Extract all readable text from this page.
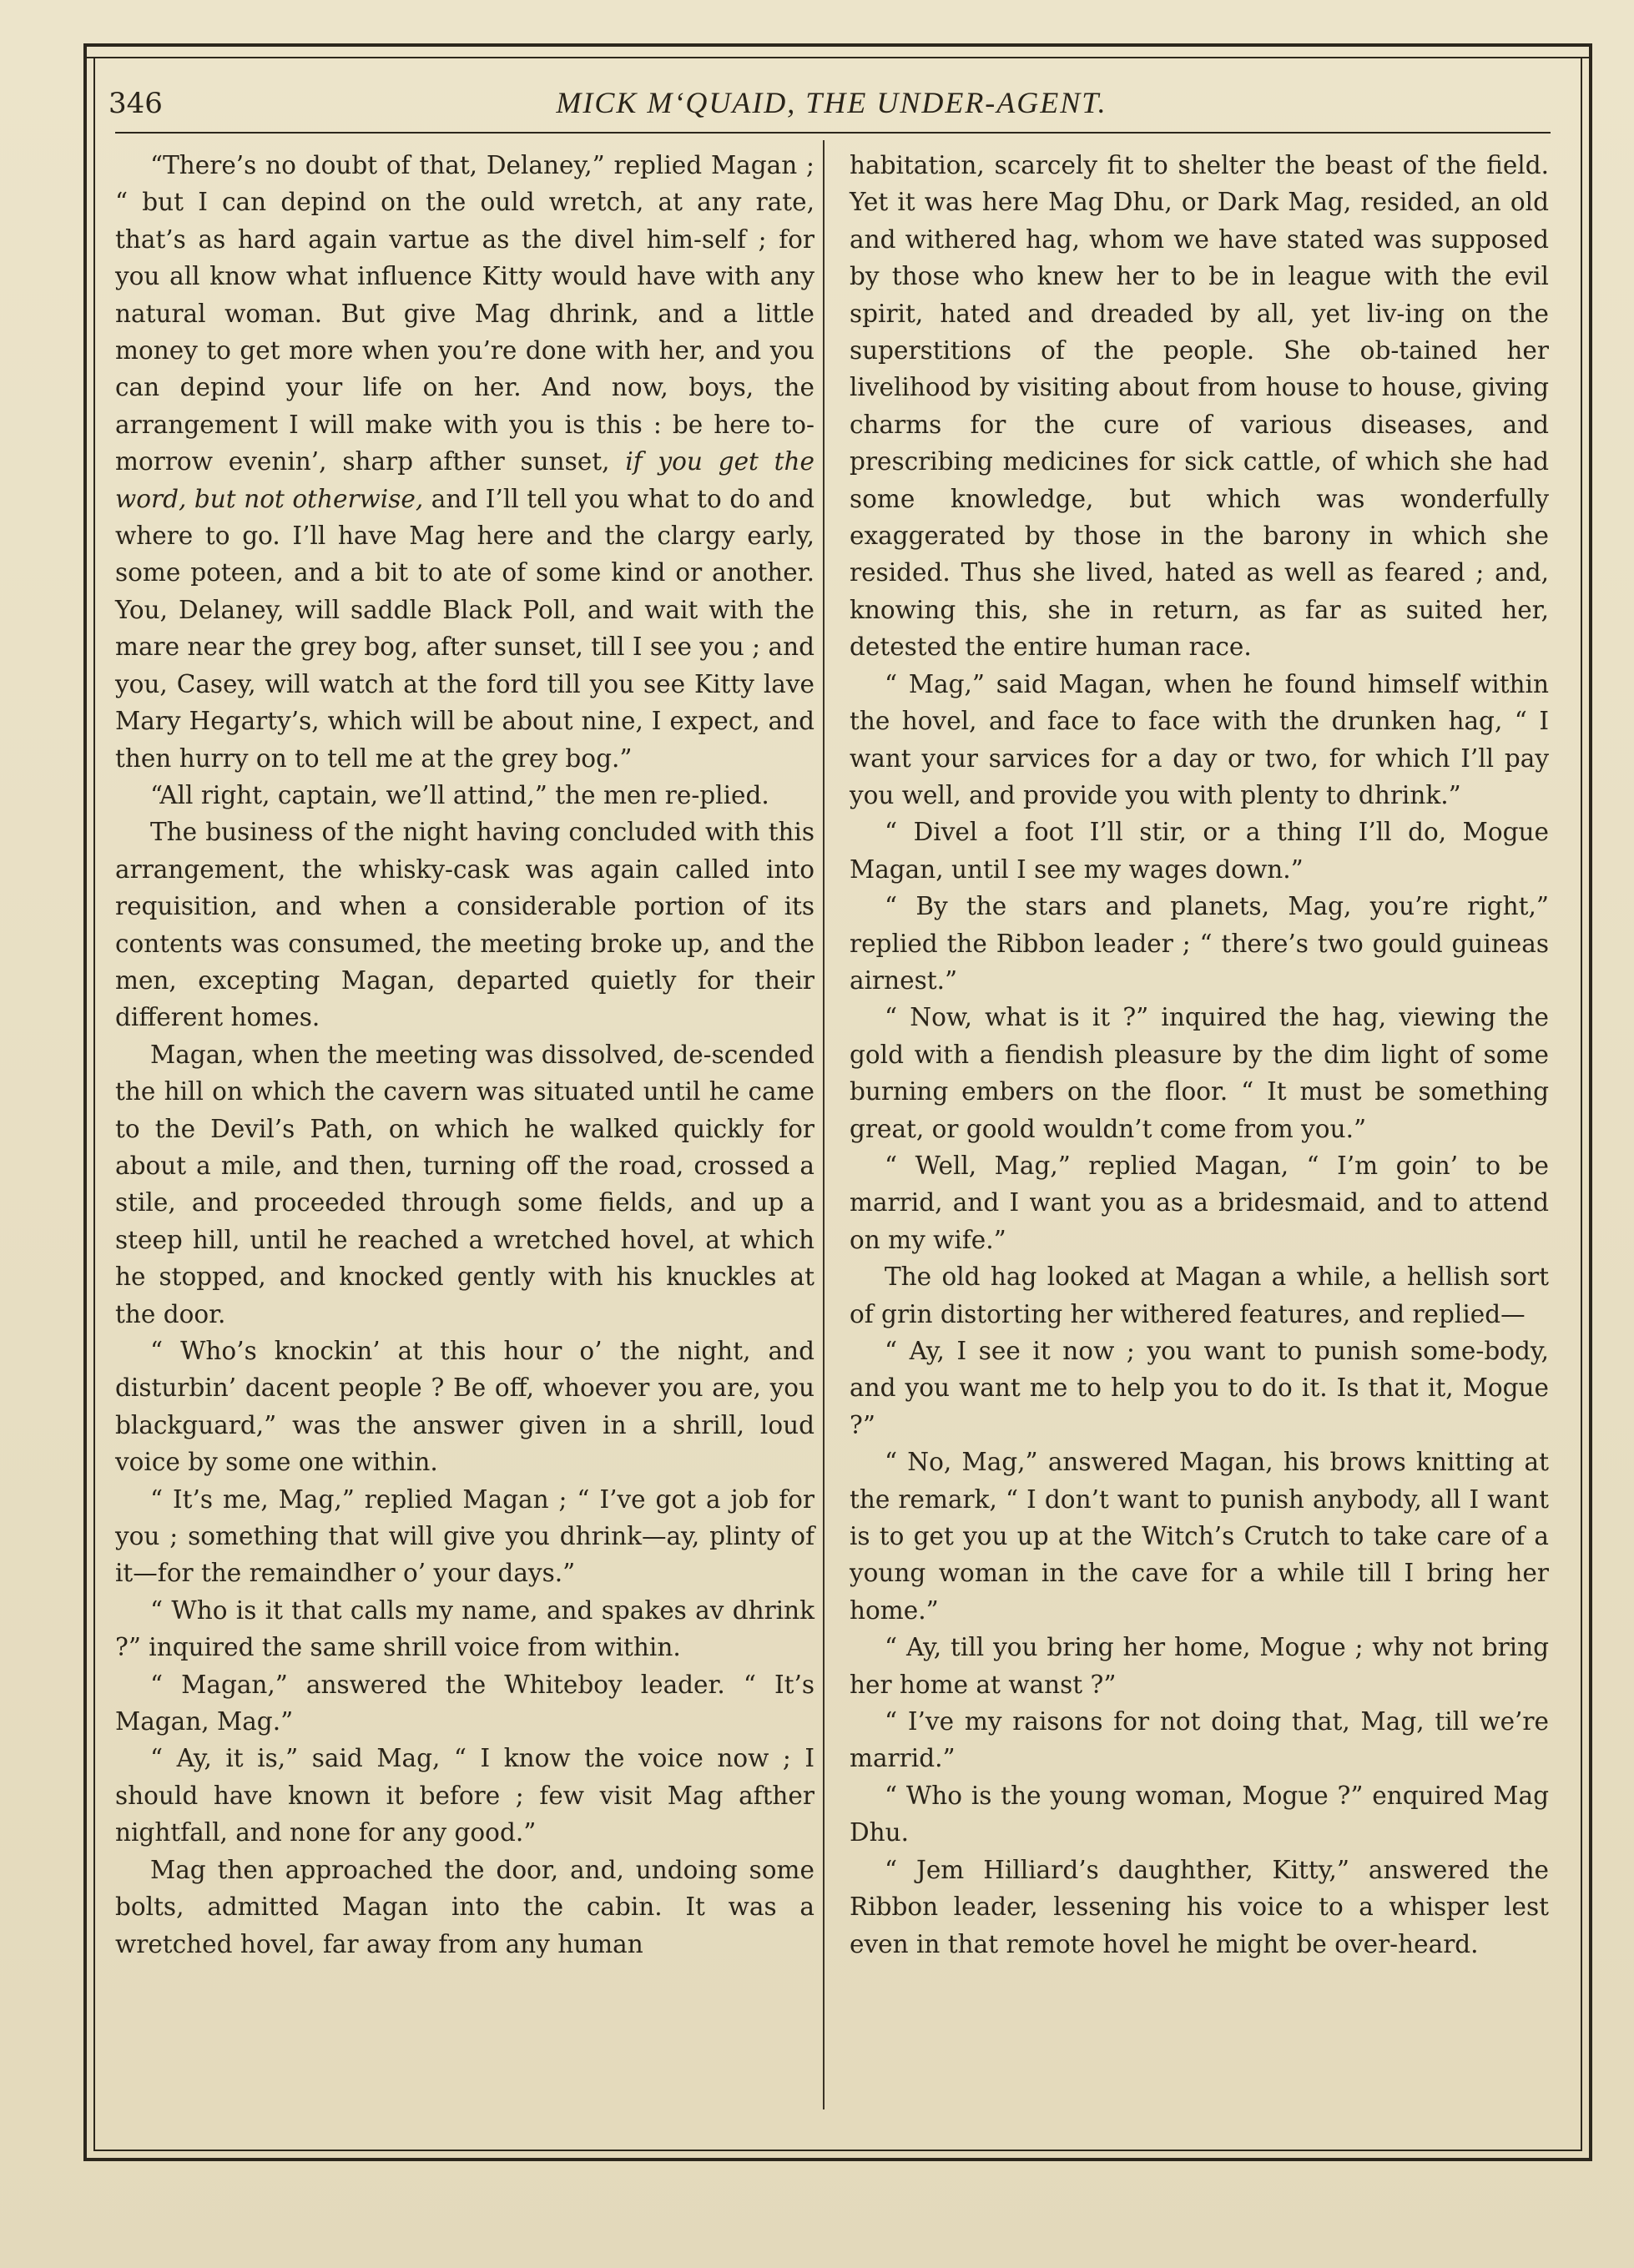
346	MICK M‘QUAID, THE UNDER-AGENT.

“There’s no doubt of that, Delaney,” replied Magan ; “ but I can depind on the ould wretch, at any rate, that’s as hard again vartue as the divel him-self ; for you all know what influence Kitty would have with any natural woman. But give Mag dhrink, and a little money to get more when you’re done with her, and you can depind your life on her. And now, boys, the arrangement I will make with you is this : be here to-morrow evenin’, sharp afther sunset, if you get the word, but not otherwise, and I’ll tell you what to do and where to go. I’ll have Mag here and the clargy early, some poteen, and a bit to ate of some kind or another. You, Delaney, will saddle Black Poll, and wait with the mare near the grey bog, after sunset, till I see you ; and you, Casey, will watch at the ford till you see Kitty lave Mary Hegarty’s, which will be about nine, I expect, and then hurry on to tell me at the grey bog.”

“All right, captain, we’ll attind,” the men re-plied.

The business of the night having concluded with this arrangement, the whisky-cask was again called into requisition, and when a considerable portion of its contents was consumed, the meeting broke up, and the men, excepting Magan, departed quietly for their different homes.

Magan, when the meeting was dissolved, de-scended the hill on which the cavern was situated until he came to the Devil’s Path, on which he walked quickly for about a mile, and then, turning off the road, crossed a stile, and proceeded through some fields, and up a steep hill, until he reached a wretched hovel, at which he stopped, and knocked gently with his knuckles at the door.

“ Who’s knockin’ at this hour o’ the night, and disturbin’ dacent people ? Be off, whoever you are, you blackguard,” was the answer given in a shrill, loud voice by some one within.

“ It’s me, Mag,” replied Magan ; “ I’ve got a job for you ; something that will give you dhrink—ay, plinty of it—for the remaindher o’ your days.”

“ Who is it that calls my name, and spakes av dhrink ?” inquired the same shrill voice from within.

“ Magan,” answered the Whiteboy leader. “ It’s Magan, Mag.”

“ Ay, it is,” said Mag, “ I know the voice now ; I should have known it before ; few visit Mag afther nightfall, and none for any good.”

Mag then approached the door, and, undoing some bolts, admitted Magan into the cabin. It was a wretched hovel, far away from any human

habitation, scarcely fit to shelter the beast of the field. Yet it was here Mag Dhu, or Dark Mag, resided, an old and withered hag, whom we have stated was supposed by those who knew her to be in league with the evil spirit, hated and dreaded by all, yet liv-ing on the superstitions of the people. She ob-tained her livelihood by visiting about from house to house, giving charms for the cure of various diseases, and prescribing medicines for sick cattle, of which she had some knowledge, but which was wonderfully exaggerated by those in the barony in which she resided. Thus she lived, hated as well as feared ; and, knowing this, she in return, as far as suited her, detested the entire human race.

“ Mag,” said Magan, when he found himself within the hovel, and face to face with the drunken hag, “ I want your sarvices for a day or two, for which I’ll pay you well, and provide you with plenty to dhrink.”

“ Divel a foot I’ll stir, or a thing I’ll do, Mogue Magan, until I see my wages down.”

“ By the stars and planets, Mag, you’re right,” replied the Ribbon leader ; “ there’s two gould guineas airnest.”

“ Now, what is it ?” inquired the hag, viewing the gold with a fiendish pleasure by the dim light of some burning embers on the floor. “ It must be something great, or goold wouldn’t come from you.”

“ Well, Mag,” replied Magan, “ I’m goin’ to be marrid, and I want you as a bridesmaid, and to attend on my wife.”

The old hag looked at Magan a while, a hellish sort of grin distorting her withered features, and replied—

“ Ay, I see it now ; you want to punish some-body, and you want me to help you to do it. Is that it, Mogue ?”

“ No, Mag,” answered Magan, his brows knitting at the remark, “ I don’t want to punish anybody, all I want is to get you up at the Witch’s Crutch to take care of a young woman in the cave for a while till I bring her home.”

“ Ay, till you bring her home, Mogue ; why not bring her home at wanst ?”

“ I’ve my raisons for not doing that, Mag, till we’re marrid.”

“ Who is the young woman, Mogue ?” enquired Mag Dhu.

“ Jem Hilliard’s daughther, Kitty,” answered the Ribbon leader, lessening his voice to a whisper lest even in that remote hovel he might be over-heard.
